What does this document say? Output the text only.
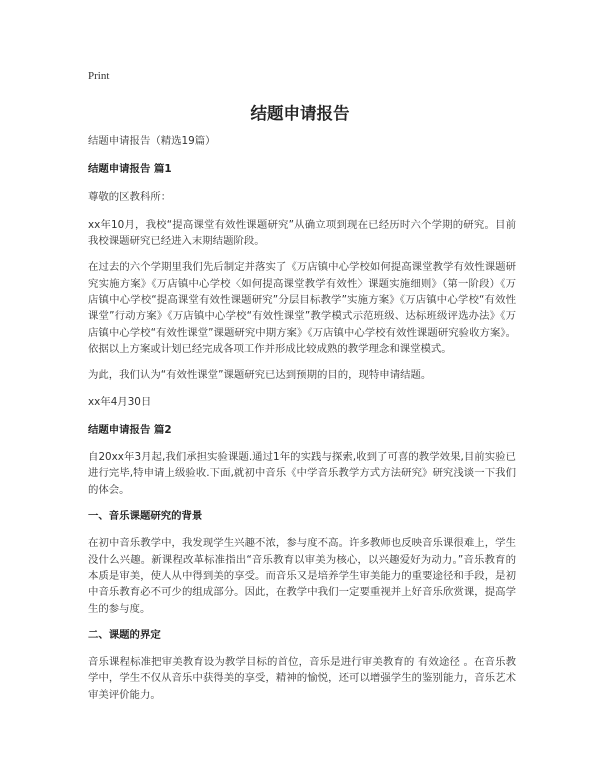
Print
结题申请报告

结题申请报告（精选19篇）

结题申请报告 篇1

尊敬的区教科所：

xx年10月，我校“提高课堂有效性课题研究”从确立项到现在已经历时六个学期的研究。目前我校课题研究已经进入末期结题阶段。

在过去的六个学期里我们先后制定并落实了《万店镇中心学校如何提高课堂教学有效性课题研究实施方案》《万店镇中心学校〈如何提高课堂教学有效性〉课题实施细则》（第一阶段）《万店镇中心学校“提高课堂有效性课题研究”分层目标教学”实施方案》《万店镇中心学校“有效性课堂”行动方案》《万店镇中心学校“有效性课堂”教学模式示范班级、达标班级评选办法》《万店镇中心学校“有效性课堂”课题研究中期方案》《万店镇中心学校有效性课题研究验收方案》。依据以上方案或计划已经完成各项工作并形成比较成熟的教学理念和课堂模式。

为此，我们认为“有效性课堂”课题研究已达到预期的目的，现特申请结题。

xx年4月30日

结题申请报告 篇2

自20xx年3月起,我们承担实验课题.通过1年的实践与探索,收到了可喜的教学效果,目前实验已进行完毕,特申请上级验收.下面,就初中音乐《中学音乐教学方式方法研究》研究浅谈一下我们的体会。

一、音乐课题研究的背景

在初中音乐教学中，我发现学生兴趣不浓，参与度不高。许多教师也反映音乐课很难上，学生没什么兴趣。新课程改革标准指出“音乐教育以审美为核心，以兴趣爱好为动力。”音乐教育的本质是审美，使人从中得到美的享受。而音乐又是培养学生审美能力的重要途径和手段，是初中音乐教育必不可少的组成部分。因此，在教学中我们一定要重视并上好音乐欣赏课，提高学生的参与度。

二、课题的界定

音乐课程标准把审美教育设为教学目标的首位，音乐是进行审美教育的 有效途径 。在音乐教学中，学生不仅从音乐中获得美的享受，精神的愉悦，还可以增强学生的鉴别能力，音乐艺术审美评价能力。
